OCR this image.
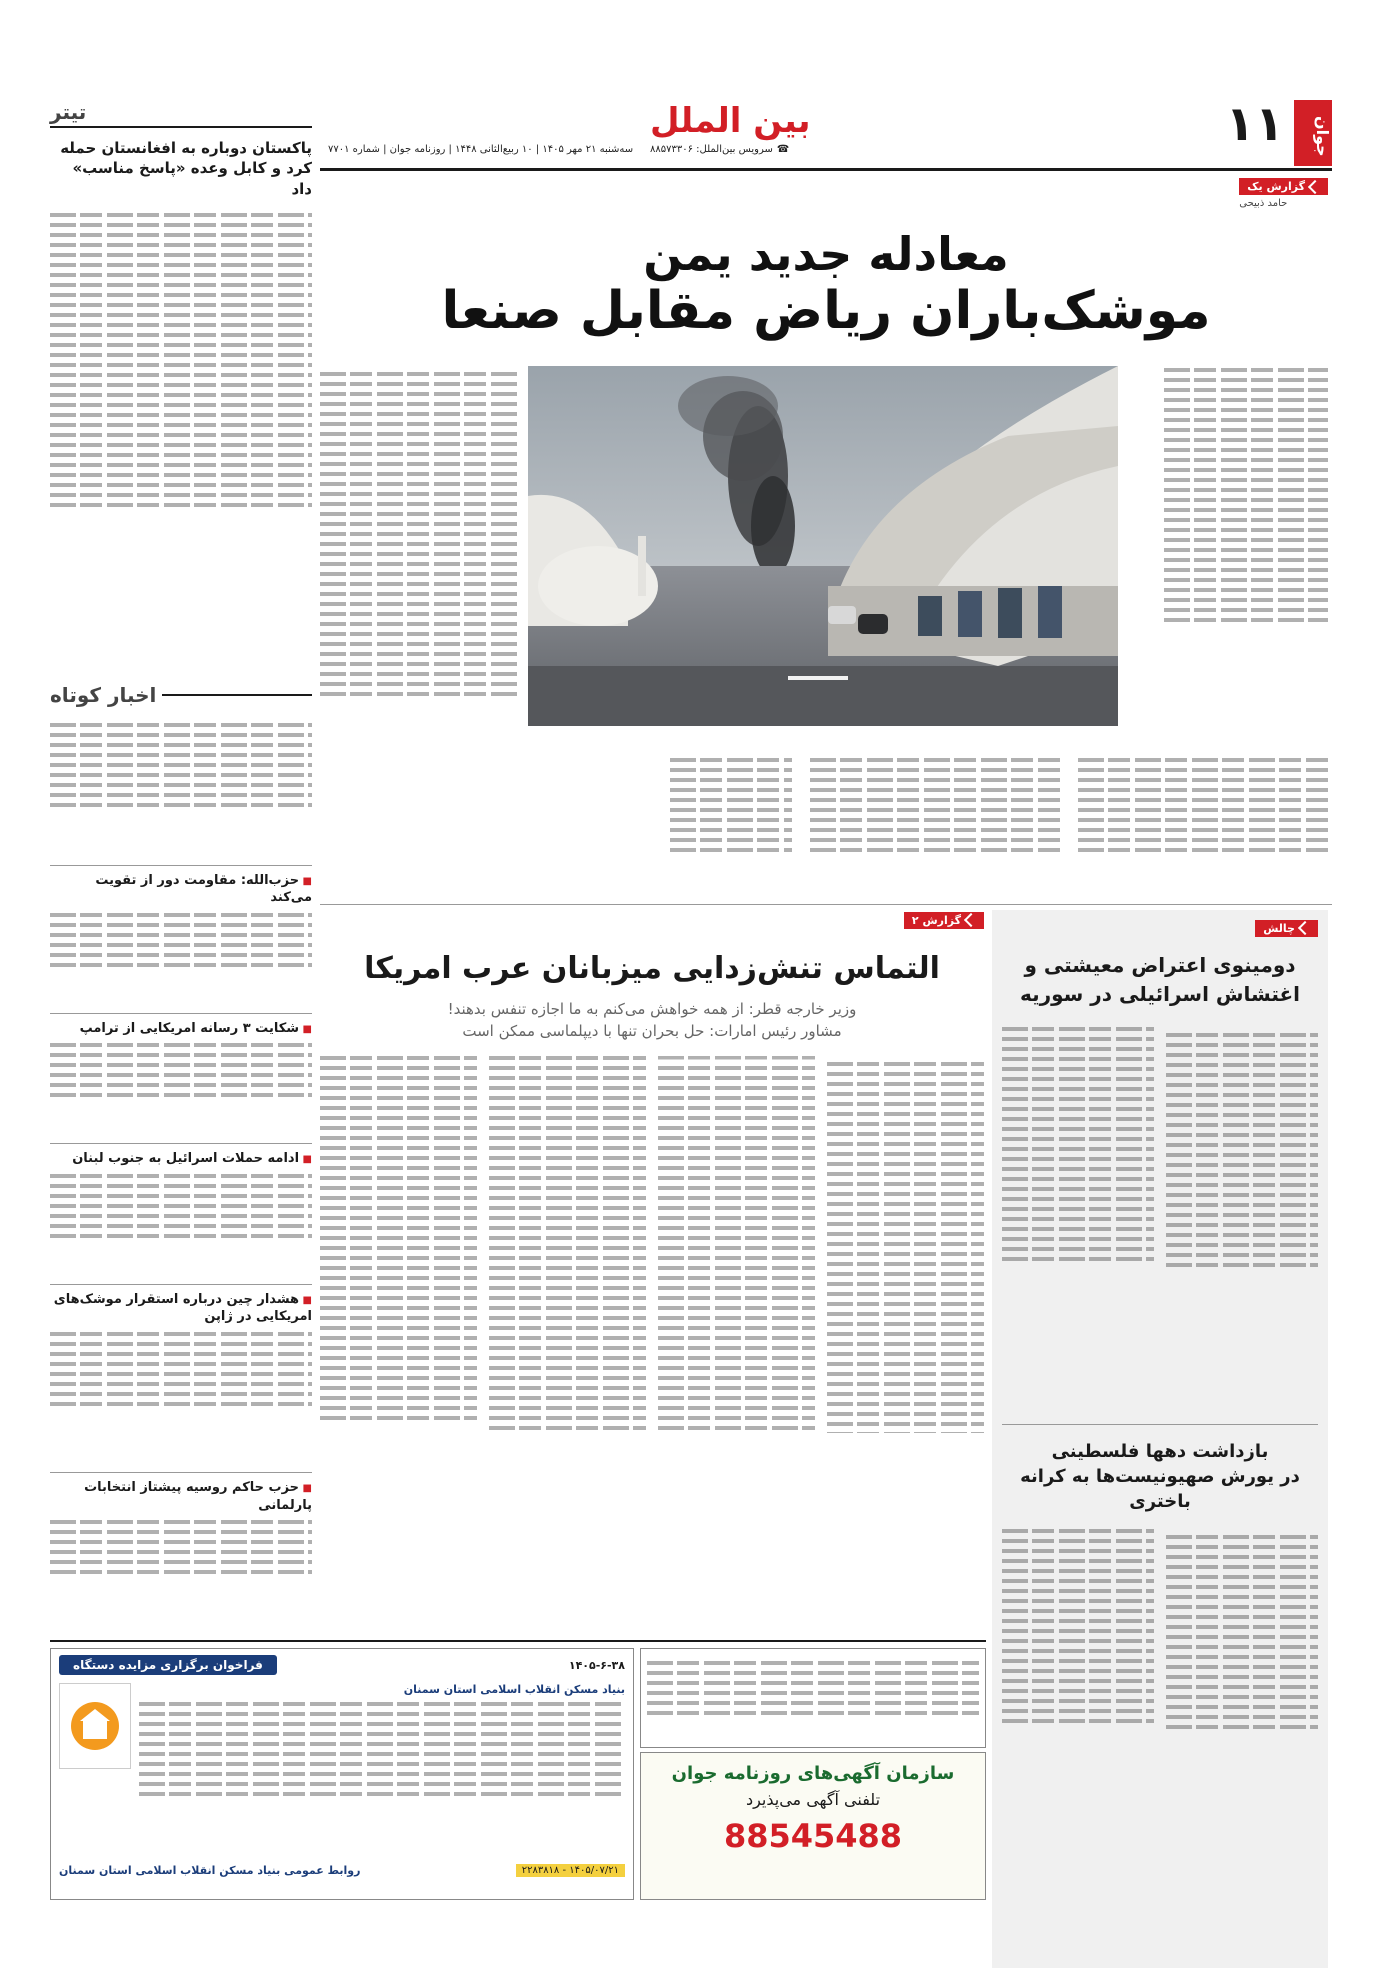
جوان
۱۱
بين الملل
سه‌شنبه ۲۱ مهر ۱۴۰۵ | ۱۰ ربیع‌الثانی ۱۴۴۸ | روزنامه جوان | شماره ۷۷۰۱	☎
سرویس بین‌الملل: ۸۸۵۷۳۳۰۶
گزارش یک
حامد ذبیحی
معادله جدید یمن
موشک‌باران ریاض مقابل صنعا
چالش
دومینوی اعتراض معیشتی و اغتشاش اسرائیلی در سوریه
بازداشت دهها فلسطینی
در یورش صهیونیست‌ها به کرانه باختری
گزارش ۲
التماس تنش‌زدایی میزبانان عرب امریکا
وزیر خارجه قطر: از همه خواهش می‌کنم به ما اجازه تنفس بدهند!
مشاور رئیس امارات: حل بحران تنها با دیپلماسی ممکن است
تیتر
پاکستان دوباره به افغانستان حمله کرد و کابل وعده «پاسخ مناسب» داد
اخبار کوتاه
■ حزب‌الله: مقاومت دور از تقویت می‌کند
■ شکایت ۳ رسانه امریکایی از ترامپ
■ ادامه حملات اسرائیل به جنوب لبنان
■ هشدار چین درباره استقرار موشک‌های امریکایی در ژاپن
■ حزب حاکم روسیه پیشتاز انتخابات پارلمانی
۱۴۰۵-۶-۳۸
فراخوان برگزاری مزایده دستگاه
بنیاد مسکن انقلاب اسلامی استان سمنان
۱۴۰۵/۰۷/۲۱ - ۲۲۸۳۸۱۸
روابط عمومی بنیاد مسکن انقلاب اسلامی استان سمنان
سازمان آگهی‌های روزنامه جوان
تلفنی آگهی می‌پذیرد
88545488
